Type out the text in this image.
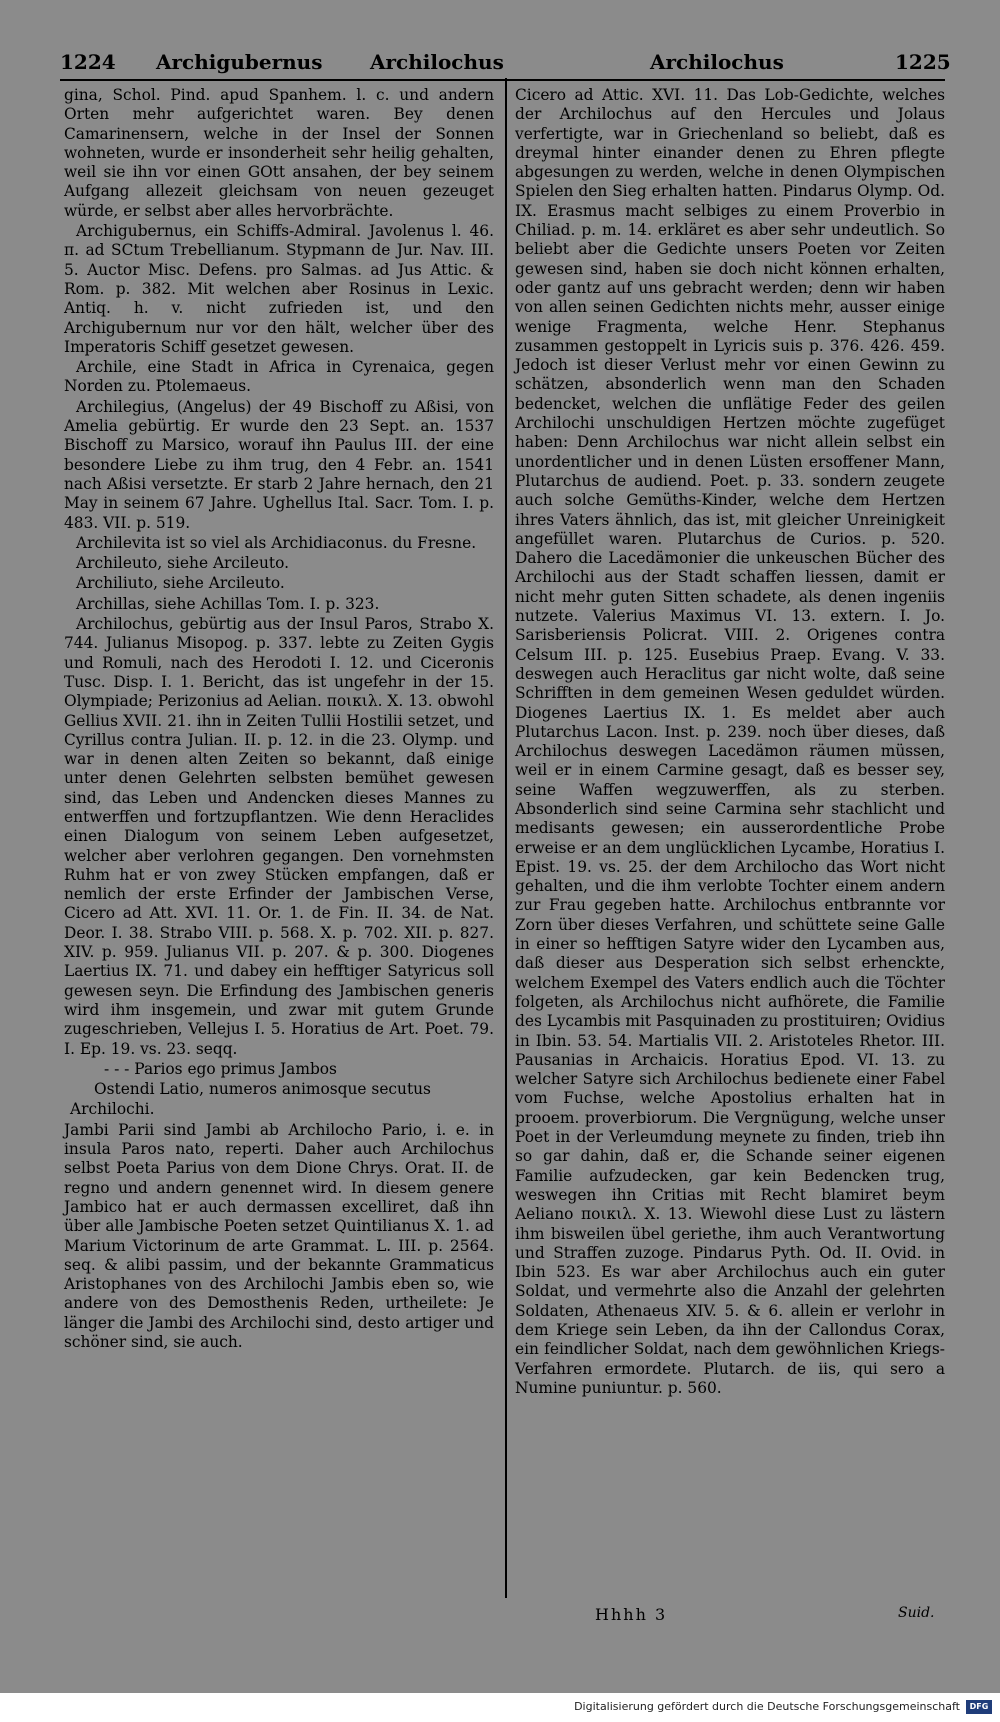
1224 Archigubernus Archilochus	Archilochus	1225

gina, Schol. Pind. apud Spanhem. l. c. und andern Orten mehr aufgerichtet waren. Bey denen Camarinensern, welche in der Insel der Sonnen wohneten, wurde er insonderheit sehr heilig gehalten, weil sie ihn vor einen GOtt ansahen, der bey seinem Aufgang allezeit gleichsam von neuen gezeuget würde, er selbst aber alles hervorbrächte.

Archigubernus, ein Schiffs-Admiral. Javolenus l. 46. π. ad SCtum Trebellianum. Stypmann de Jur. Nav. III. 5. Auctor Misc. Defens. pro Salmas. ad Jus Attic. & Rom. p. 382. Mit welchen aber Rosinus in Lexic. Antiq. h. v. nicht zufrieden ist, und den Archigubernum nur vor den hält, welcher über des Imperatoris Schiff gesetzet gewesen.

Archile, eine Stadt in Africa in Cyrenaica, gegen Norden zu. Ptolemaeus.

Archilegius, (Angelus) der 49 Bischoff zu Aßisi, von Amelia gebürtig. Er wurde den 23 Sept. an. 1537 Bischoff zu Marsico, worauf ihn Paulus III. der eine besondere Liebe zu ihm trug, den 4 Febr. an. 1541 nach Aßisi versetzte. Er starb 2 Jahre hernach, den 21 May in seinem 67 Jahre. Ughellus Ital. Sacr. Tom. I. p. 483. VII. p. 519.

Archilevita ist so viel als Archidiaconus. du Fresne.

Archileuto, siehe Arcileuto.

Archiliuto, siehe Arcileuto.

Archillas, siehe Achillas Tom. I. p. 323.

Archilochus, gebürtig aus der Insul Paros, Strabo X. 744. Julianus Misopog. p. 337. lebte zu Zeiten Gygis und Romuli, nach des Herodoti I. 12. und Ciceronis Tusc. Disp. I. 1. Bericht, das ist ungefehr in der 15. Olympiade; Perizonius ad Aelian. ποικιλ. X. 13. obwohl Gellius XVII. 21. ihn in Zeiten Tullii Hostilii setzet, und Cyrillus contra Julian. II. p. 12. in die 23. Olymp. und war in denen alten Zeiten so bekannt, daß einige unter denen Gelehrten selbsten bemühet gewesen sind, das Leben und Andencken dieses Mannes zu entwerffen und fortzupflantzen. Wie denn Heraclides einen Dialogum von seinem Leben aufgesetzet, welcher aber verlohren gegangen. Den vornehmsten Ruhm hat er von zwey Stücken empfangen, daß er nemlich der erste Erfinder der Jambischen Verse, Cicero ad Att. XVI. 11. Or. 1. de Fin. II. 34. de Nat. Deor. I. 38. Strabo VIII. p. 568. X. p. 702. XII. p. 827. XIV. p. 959. Julianus VII. p. 207. & p. 300. Diogenes Laertius IX. 71. und dabey ein hefftiger Satyricus soll gewesen seyn. Die Erfindung des Jambischen generis wird ihm insgemein, und zwar mit gutem Grunde zugeschrieben, Vellejus I. 5. Horatius de Art. Poet. 79. I. Ep. 19. vs. 23. seqq.

- - - Parios ego primus Jambos

Ostendi Latio, numeros animosque secutus

Archilochi.

Jambi Parii sind Jambi ab Archilocho Pario, i. e. in insula Paros nato, reperti. Daher auch Archilochus selbst Poeta Parius von dem Dione Chrys. Orat. II. de regno und andern genennet wird. In diesem genere Jambico hat er auch dermassen excelliret, daß ihn über alle Jambische Poeten setzet Quintilianus X. 1. ad Marium Victorinum de arte Grammat. L. III. p. 2564. seq. & alibi passim, und der bekannte Grammaticus Aristophanes von des Archilochi Jambis eben so, wie andere von des Demosthenis Reden, urtheilete: Je länger die Jambi des Archilochi sind, desto artiger und schöner sind, sie auch.

Cicero ad Attic. XVI. 11. Das Lob-Gedichte, welches der Archilochus auf den Hercules und Jolaus verfertigte, war in Griechenland so beliebt, daß es dreymal hinter einander denen zu Ehren pflegte abgesungen zu werden, welche in denen Olympischen Spielen den Sieg erhalten hatten. Pindarus Olymp. Od. IX. Erasmus macht selbiges zu einem Proverbio in Chiliad. p. m. 14. erkläret es aber sehr undeutlich. So beliebt aber die Gedichte unsers Poeten vor Zeiten gewesen sind, haben sie doch nicht können erhalten, oder gantz auf uns gebracht werden; denn wir haben von allen seinen Gedichten nichts mehr, ausser einige wenige Fragmenta, welche Henr. Stephanus zusammen gestoppelt in Lyricis suis p. 376. 426. 459. Jedoch ist dieser Verlust mehr vor einen Gewinn zu schätzen, absonderlich wenn man den Schaden bedencket, welchen die unflätige Feder des geilen Archilochi unschuldigen Hertzen möchte zugefüget haben: Denn Archilochus war nicht allein selbst ein unordentlicher und in denen Lüsten ersoffener Mann, Plutarchus de audiend. Poet. p. 33. sondern zeugete auch solche Gemüths-Kinder, welche dem Hertzen ihres Vaters ähnlich, das ist, mit gleicher Unreinigkeit angefüllet waren. Plutarchus de Curios. p. 520. Dahero die Lacedämonier die unkeuschen Bücher des Archilochi aus der Stadt schaffen liessen, damit er nicht mehr guten Sitten schadete, als denen ingeniis nutzete. Valerius Maximus VI. 13. extern. I. Jo. Sarisberiensis Policrat. VIII. 2. Origenes contra Celsum III. p. 125. Eusebius Praep. Evang. V. 33. deswegen auch Heraclitus gar nicht wolte, daß seine Schrifften in dem gemeinen Wesen geduldet würden. Diogenes Laertius IX. 1. Es meldet aber auch Plutarchus Lacon. Inst. p. 239. noch über dieses, daß Archilochus deswegen Lacedämon räumen müssen, weil er in einem Carmine gesagt, daß es besser sey, seine Waffen wegzuwerffen, als zu sterben. Absonderlich sind seine Carmina sehr stachlicht und medisants gewesen; ein ausserordentliche Probe erweise er an dem unglücklichen Lycambe, Horatius I. Epist. 19. vs. 25. der dem Archilocho das Wort nicht gehalten, und die ihm verlobte Tochter einem andern zur Frau gegeben hatte. Archilochus entbrannte vor Zorn über dieses Verfahren, und schüttete seine Galle in einer so hefftigen Satyre wider den Lycamben aus, daß dieser aus Desperation sich selbst erhenckte, welchem Exempel des Vaters endlich auch die Töchter folgeten, als Archilochus nicht aufhörete, die Familie des Lycambis mit Pasquinaden zu prostituiren; Ovidius in Ibin. 53. 54. Martialis VII. 2. Aristoteles Rhetor. III. Pausanias in Archaicis. Horatius Epod. VI. 13. zu welcher Satyre sich Archilochus bedienete einer Fabel vom Fuchse, welche Apostolius erhalten hat in prooem. proverbiorum. Die Vergnügung, welche unser Poet in der Verleumdung meynete zu finden, trieb ihn so gar dahin, daß er, die Schande seiner eigenen Familie aufzudecken, gar kein Bedencken trug, weswegen ihn Critias mit Recht blamiret beym Aeliano ποικιλ. X. 13. Wiewohl diese Lust zu lästern ihm bisweilen übel geriethe, ihm auch Verantwortung und Straffen zuzoge. Pindarus Pyth. Od. II. Ovid. in Ibin 523. Es war aber Archilochus auch ein guter Soldat, und vermehrte also die Anzahl der gelehrten Soldaten, Athenaeus XIV. 5. & 6. allein er verlohr in dem Kriege sein Leben, da ihn der Callondus Corax, ein feindlicher Soldat, nach dem gewöhnlichen Kriegs-Verfahren ermordete. Plutarch. de iis, qui sero a Numine puniuntur. p. 560.

Hhhh 3	Suid.
Digitalisierung gefördert durch die Deutsche Forschungsgemeinschaft	DFG
